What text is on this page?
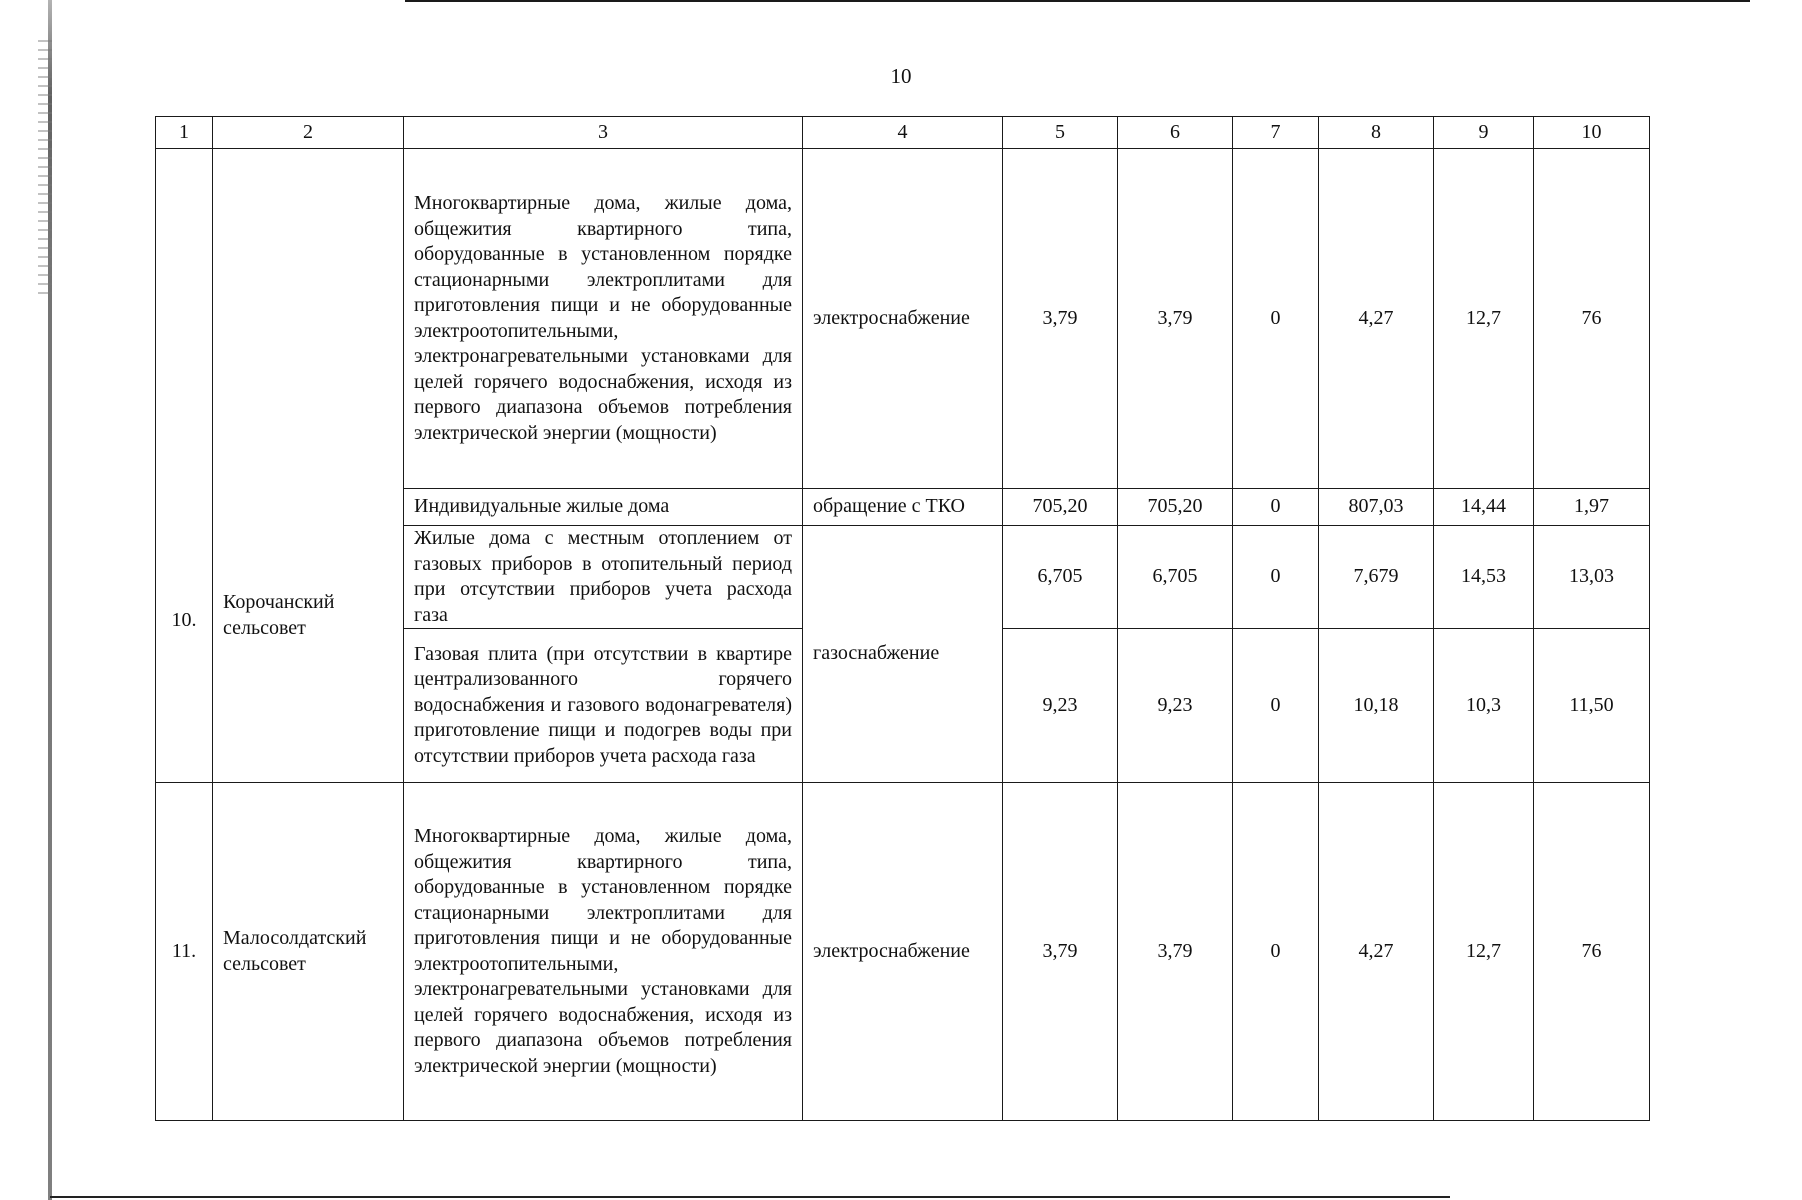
10
1	2	3	4	5	6	7	8	9	10
10.	Корочанский сельсовет	Многоквартирные дома, жилые дома, общежития квартирного типа, оборудованные в установленном порядке стационарными электроплитами для приготовления пищи и не оборудованные электроотопительными, электронагревательными установками для целей горячего водоснабжения, исходя из первого диапазона объемов потребления электрической энергии (мощности)	электроснабжение	3,79	3,79	0	4,27	12,7	76
		Индивидуальные жилые дома	обращение с ТКО	705,20	705,20	0	807,03	14,44	1,97
		Жилые дома с местным отоплением от газовых приборов в отопительный период при отсутствии приборов учета расхода газа	газоснабжение	6,705	6,705	0	7,679	14,53	13,03
		Газовая плита (при отсутствии в квартире централизованного горячего водоснабжения и газового водонагревателя) приготовление пищи и подогрев воды при отсутствии приборов учета расхода газа		9,23	9,23	0	10,18	10,3	11,50
11.	Малосолдатский сельсовет	Многоквартирные дома, жилые дома, общежития квартирного типа, оборудованные в установленном порядке стационарными электроплитами для приготовления пищи и не оборудованные электроотопительными, электронагревательными установками для целей горячего водоснабжения, исходя из первого диапазона объемов потребления электрической энергии (мощности)	электроснабжение	3,79	3,79	0	4,27	12,7	76
